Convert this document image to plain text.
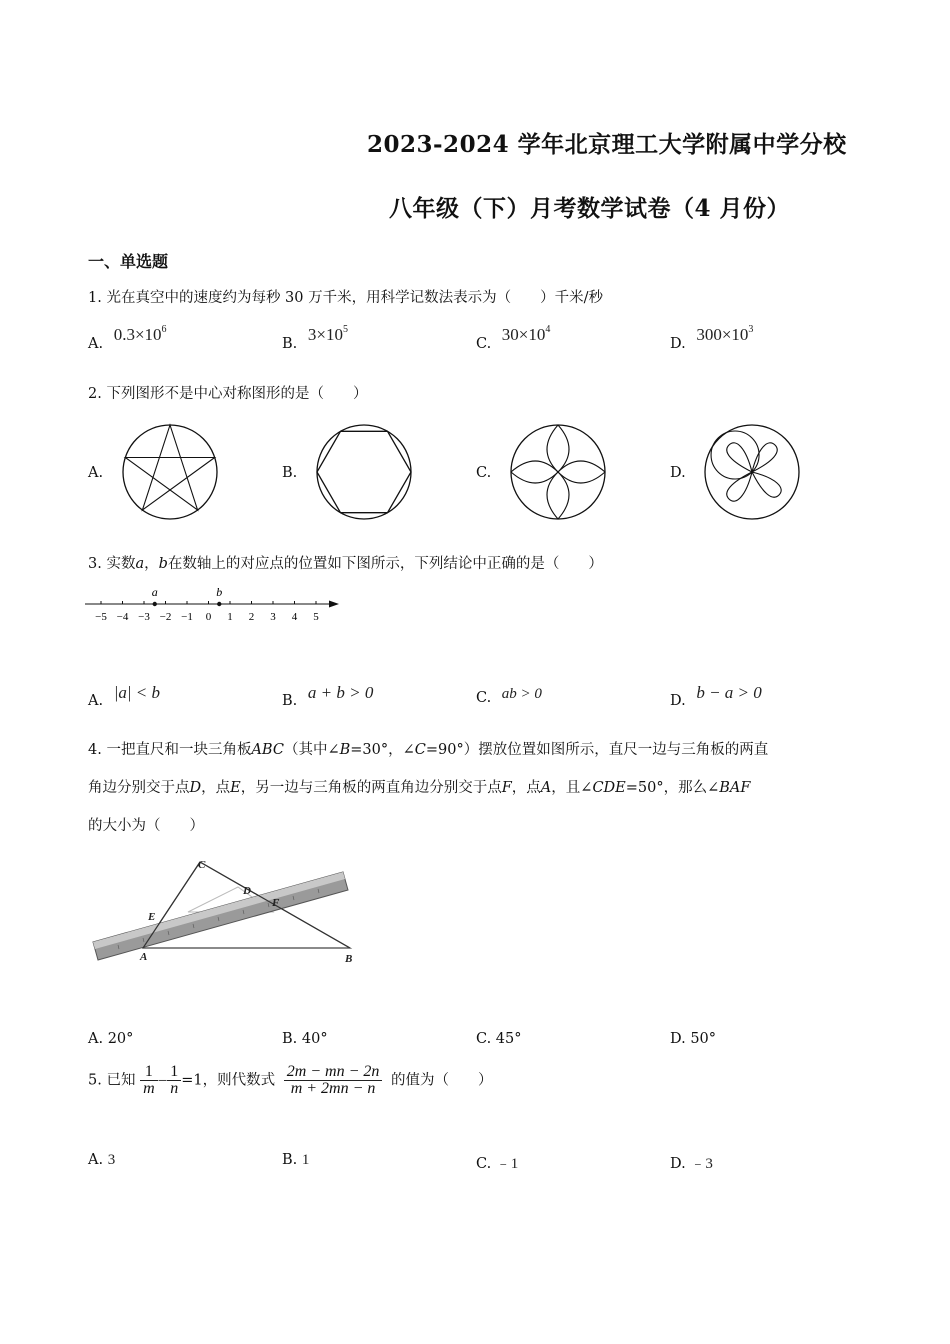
2023-2024 学年北京理工大学附属中学分校
八年级（下）月考数学试卷（4 月份）
一、单选题
1. 光在真空中的速度约为每秒 30 万千米，用科学记数法表示为（　　）千米/秒
A. $0.3\times 10^6$
B. $3\times 10^5$
C. $30\times 10^4$
D. $300\times 10^3$
2. 下列图形不是中心对称图形的是（　　）
A.	B.	C.	D.
3. 实数a，b在数轴上的对应点的位置如下图所示，下列结论中正确的是（　　）
−5 −4 −3 −2 −1 0 1 2 3 4 5
a	b
A. |a| < b	B. a + b > 0	C. ab > 0	D. b − a > 0
4. 一把直尺和一块三角板ABC（其中∠B=30°，∠C=90°）摆放位置如图所示，直尺一边与三角板的两直
角边分别交于点D，点E，另一边与三角板的两直角边分别交于点F，点A，且∠CDE=50°，那么∠BAF
的大小为（　　）
C
D
E
F
A	B
A. 20°	B. 40°	C. 45°	D. 50°
5. 已知 $\frac{1}{m} - \frac{1}{n} =1$，则代数式 $\frac{2m - mn - 2n}{m + 2mn - n}$ 的值为（　　）
A. 3	B. 1	C. ﹣1	D. ﹣3
